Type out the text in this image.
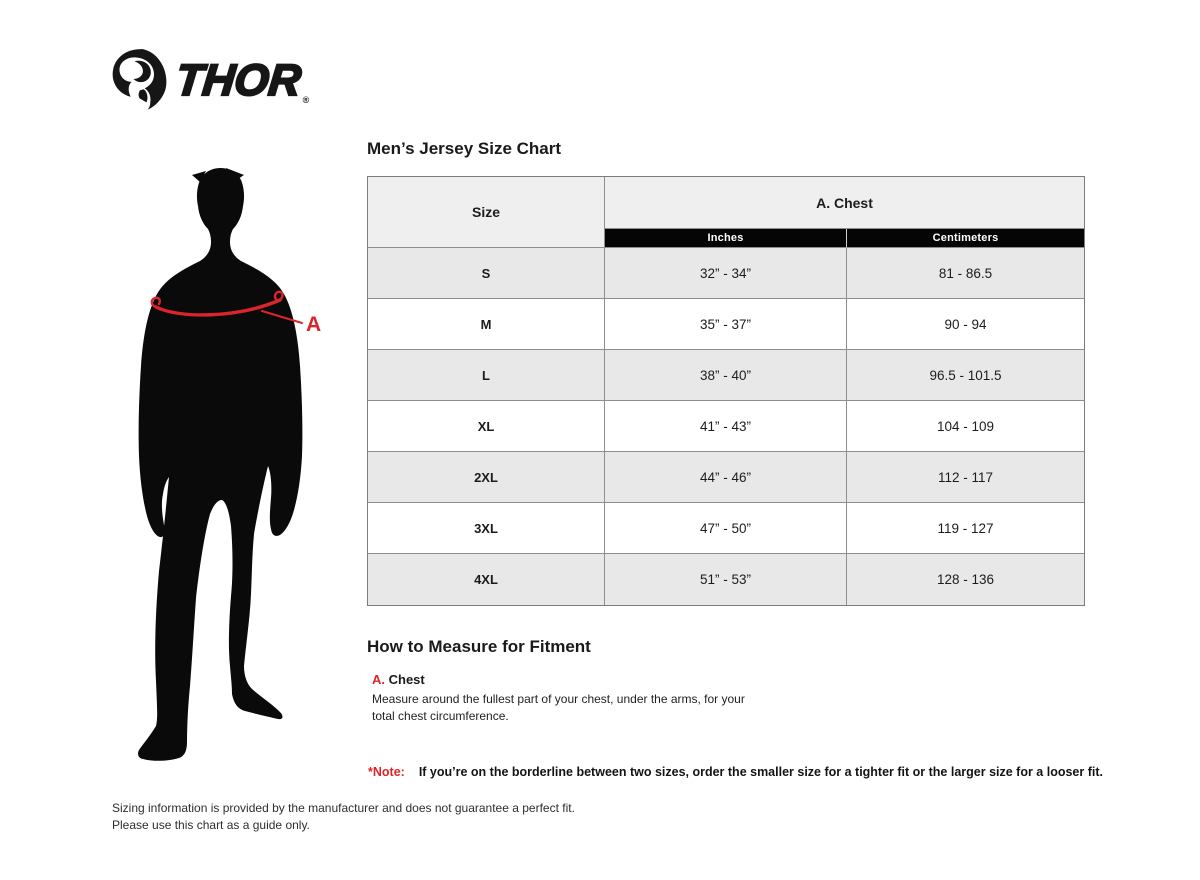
THOR ®
A
Men’s Jersey Size Chart
Size
A. Chest
Inches	Centimeters
S	32” - 34”	81 - 86.5
M	35” - 37”	90 - 94
L	38” - 40”	96.5 - 101.5
XL	41” - 43”	104 - 109
2XL	44” - 46”	112 - 117
3XL	47” - 50”	119 - 127
4XL	51” - 53”	128 - 136
How to Measure for Fitment
A. Chest
Measure around the fullest part of your chest, under the arms, for your
total chest circumference.
*Note: If you’re on the borderline between two sizes, order the smaller size for a tighter fit or the larger size for a looser fit.
Sizing information is provided by the manufacturer and does not guarantee a perfect fit.
Please use this chart as a guide only.
